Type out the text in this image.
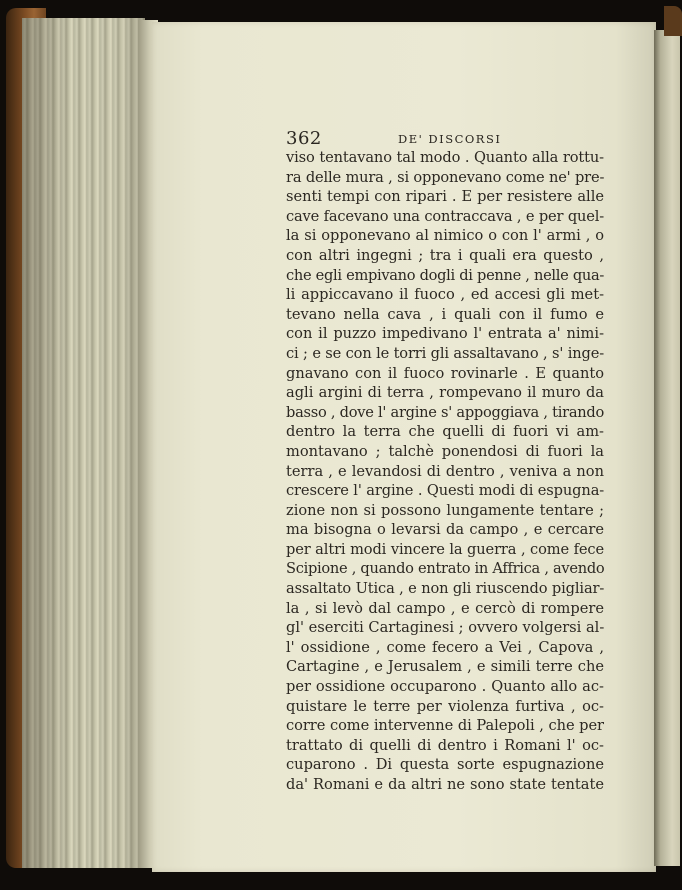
362	DE' DISCORSI
viso tentavano tal modo . Quanto alla rottu-
ra delle mura , si opponevano come ne' pre-
senti tempi con ripari . E per resistere alle
cave facevano una contraccava , e per quel-
la si opponevano al nimico o con l' armi , o
con altri ingegni ; tra i quali era questo ,
che egli empivano dogli di penne , nelle qua-
li appiccavano il fuoco , ed accesi gli met-
tevano nella cava , i quali con il fumo e
con il puzzo impedivano l' entrata a' nimi-
ci ; e se con le torri gli assaltavano , s' inge-
gnavano con il fuoco rovinarle . E quanto
agli argini di terra , rompevano il muro da
basso , dove l' argine s' appoggiava , tirando
dentro la terra che quelli di fuori vi am-
montavano ; talchè ponendosi di fuori la
terra , e levandosi di dentro , veniva a non
crescere l' argine . Questi modi di espugna-
zione non si possono lungamente tentare ;
ma bisogna o levarsi da campo , e cercare
per altri modi vincere la guerra , come fece
Scipione , quando entrato in Affrica , avendo
assaltato Utica , e non gli riuscendo pigliar-
la , si levò dal campo , e cercò di rompere
gl' eserciti Cartaginesi ; ovvero volgersi al-
l' ossidione , come fecero a Vei , Capova ,
Cartagine , e Jerusalem , e simili terre che
per ossidione occuparono . Quanto allo ac-
quistare le terre per violenza furtiva , oc-
corre come intervenne di Palepoli , che per
trattato di quelli di dentro i Romani l' oc-
cuparono . Di questa sorte espugnazione
da' Romani e da altri ne sono state tentate
